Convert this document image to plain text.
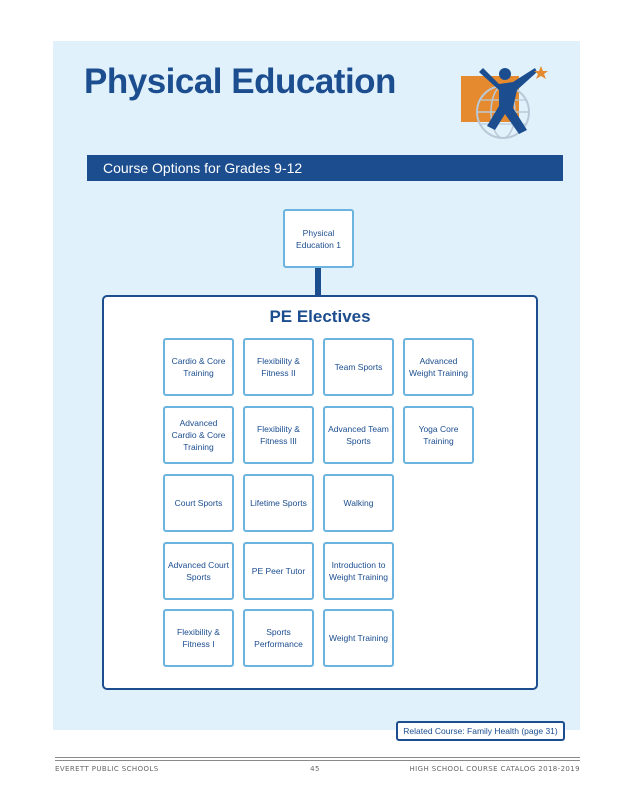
Physical Education
Course Options for Grades 9-12
Physical Education 1
PE Electives
Cardio & Core Training
Flexibility & Fitness II
Team Sports
Advanced Weight Training
Advanced Cardio & Core Training
Flexibility & Fitness III
Advanced Team Sports
Yoga Core Training
Court Sports	Lifetime Sports	Walking
Advanced Court Sports
PE Peer Tutor
Introduction to Weight Training
Flexibility & Fitness I
Sports Performance
Weight Training
Related Course: Family Health (page 31)
EVERETT PUBLIC SCHOOLS	45	HIGH SCHOOL COURSE CATALOG 2018-2019
